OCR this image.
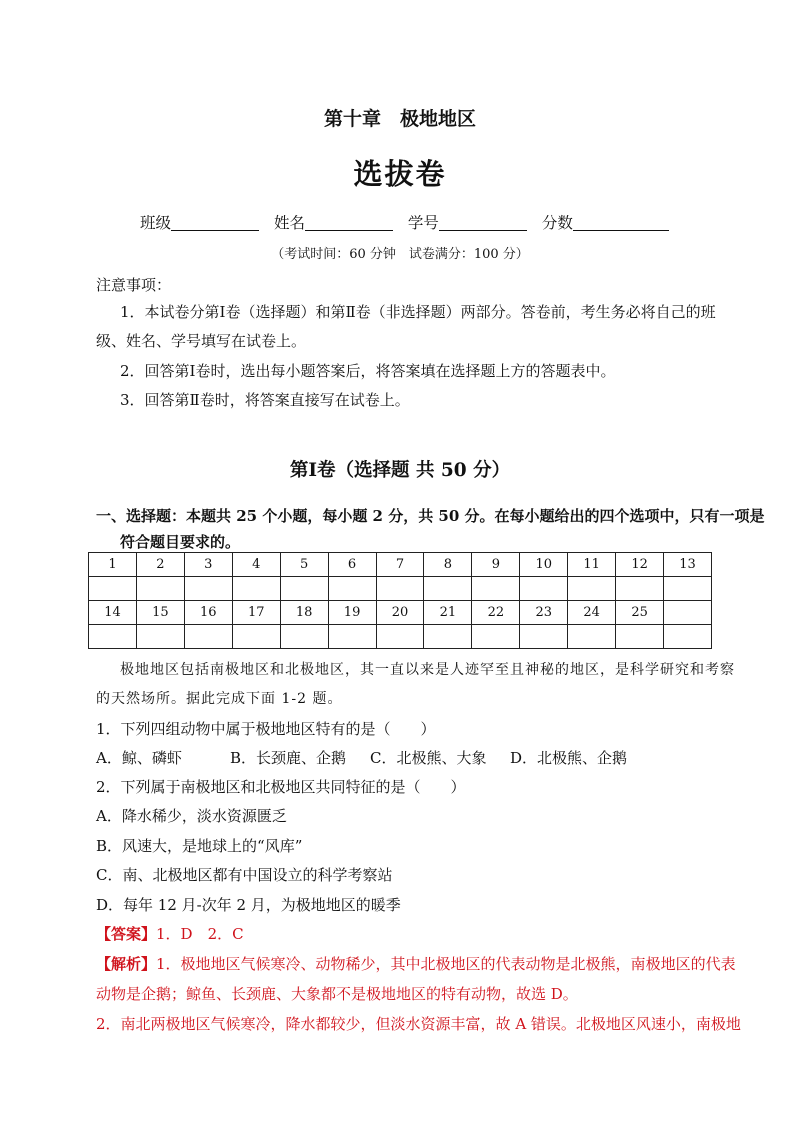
第十章　极地地区
选拔卷
班级	姓名	学号	分数
（考试时间：60 分钟　试卷满分：100 分）
注意事项：
1．本试卷分第Ⅰ卷（选择题）和第Ⅱ卷（非选择题）两部分。答卷前，考生务必将自己的班
级、姓名、学号填写在试卷上。
2．回答第Ⅰ卷时，选出每小题答案后，将答案填在选择题上方的答题表中。
3．回答第Ⅱ卷时，将答案直接写在试卷上。
第Ⅰ卷（选择题 共 50 分）
一、选择题：本题共 25 个小题，每小题 2 分，共 50 分。在每小题给出的四个选项中，只有一项是
符合题目要求的。
1	2	3	4	5	6	7	8	9	10	11	12	13

14	15	16	17	18	19	20	21	22	23	24	25	

极地地区包括南极地区和北极地区，其一直以来是人迹罕至且神秘的地区，是科学研究和考察
的天然场所。据此完成下面 1-2 题。
1．下列四组动物中属于极地地区特有的是（　　）
A．鲸、磷虾	B．长颈鹿、企鹅 C．北极熊、大象 D．北极熊、企鹅
2．下列属于南极地区和北极地区共同特征的是（　　）
A．降水稀少，淡水资源匮乏
B．风速大，是地球上的“风库”
C．南、北极地区都有中国设立的科学考察站
D．每年 12 月-次年 2 月，为极地地区的暖季
【答案】1．D　2．C
【解析】1．极地地区气候寒冷、动物稀少，其中北极地区的代表动物是北极熊，南极地区的代表
动物是企鹅；鲸鱼、长颈鹿、大象都不是极地地区的特有动物，故选 D。
2．南北两极地区气候寒冷，降水都较少，但淡水资源丰富，故 A 错误。北极地区风速小，南极地
